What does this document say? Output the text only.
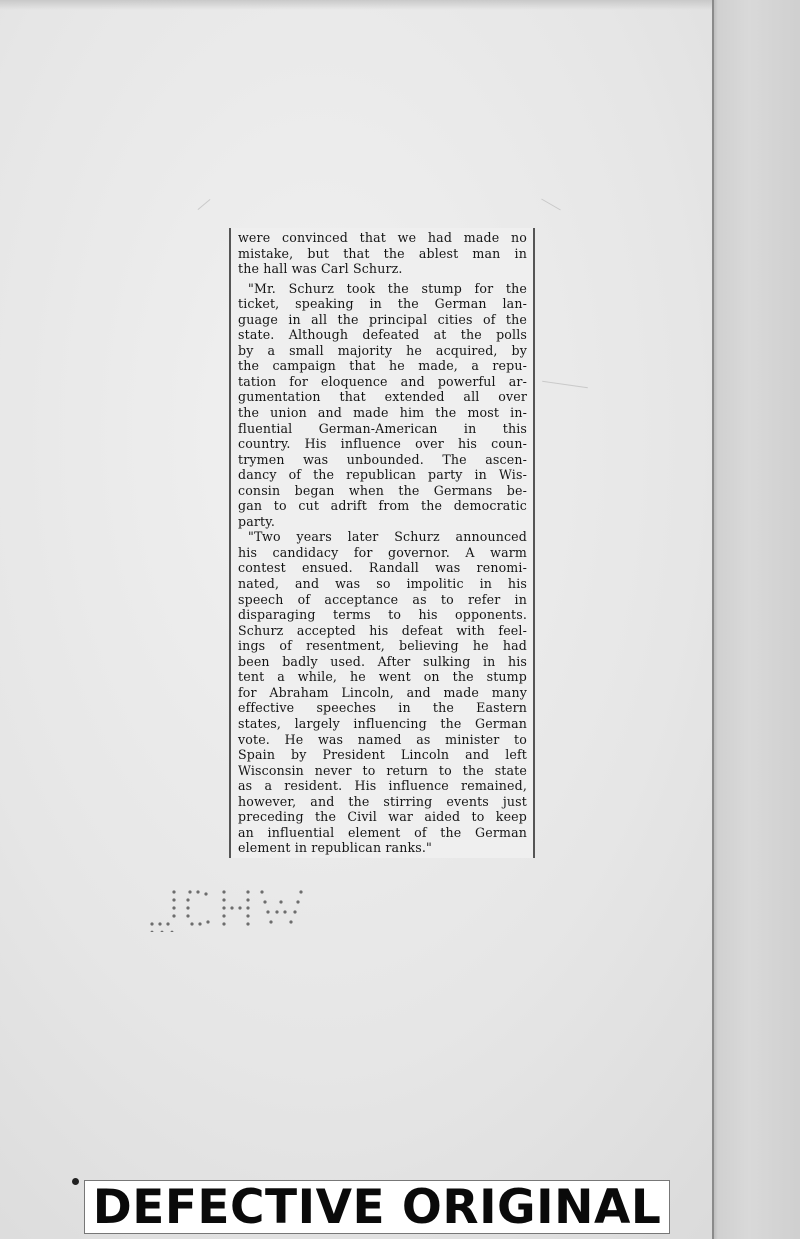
were convinced that we had made no
mistake, but that the ablest man in
the hall was Carl Schurz.
"Mr. Schurz took the stump for the
ticket, speaking in the German lan-
guage in all the principal cities of the
state. Although defeated at the polls
by a small majority he acquired, by
the campaign that he made, a repu-
tation for eloquence and powerful ar-
gumentation that extended all over
the union and made him the most in-
fluential German-American in this
country. His influence over his coun-
trymen was unbounded. The ascen-
dancy of the republican party in Wis-
consin began when the Germans be-
gan to cut adrift from the democratic
party.
"Two years later Schurz announced
his candidacy for governor. A warm
contest ensued. Randall was renomi-
nated, and was so impolitic in his
speech of acceptance as to refer in
disparaging terms to his opponents.
Schurz accepted his defeat with feel-
ings of resentment, believing he had
been badly used. After sulking in his
tent a while, he went on the stump
for Abraham Lincoln, and made many
effective speeches in the Eastern
states, largely influencing the German
vote. He was named as minister to
Spain by President Lincoln and left
Wisconsin never to return to the state
as a resident. His influence remained,
however, and the stirring events just
preceding the Civil war aided to keep
an influential element of the German
element in republican ranks."
DEFECTIVE ORIGINAL
